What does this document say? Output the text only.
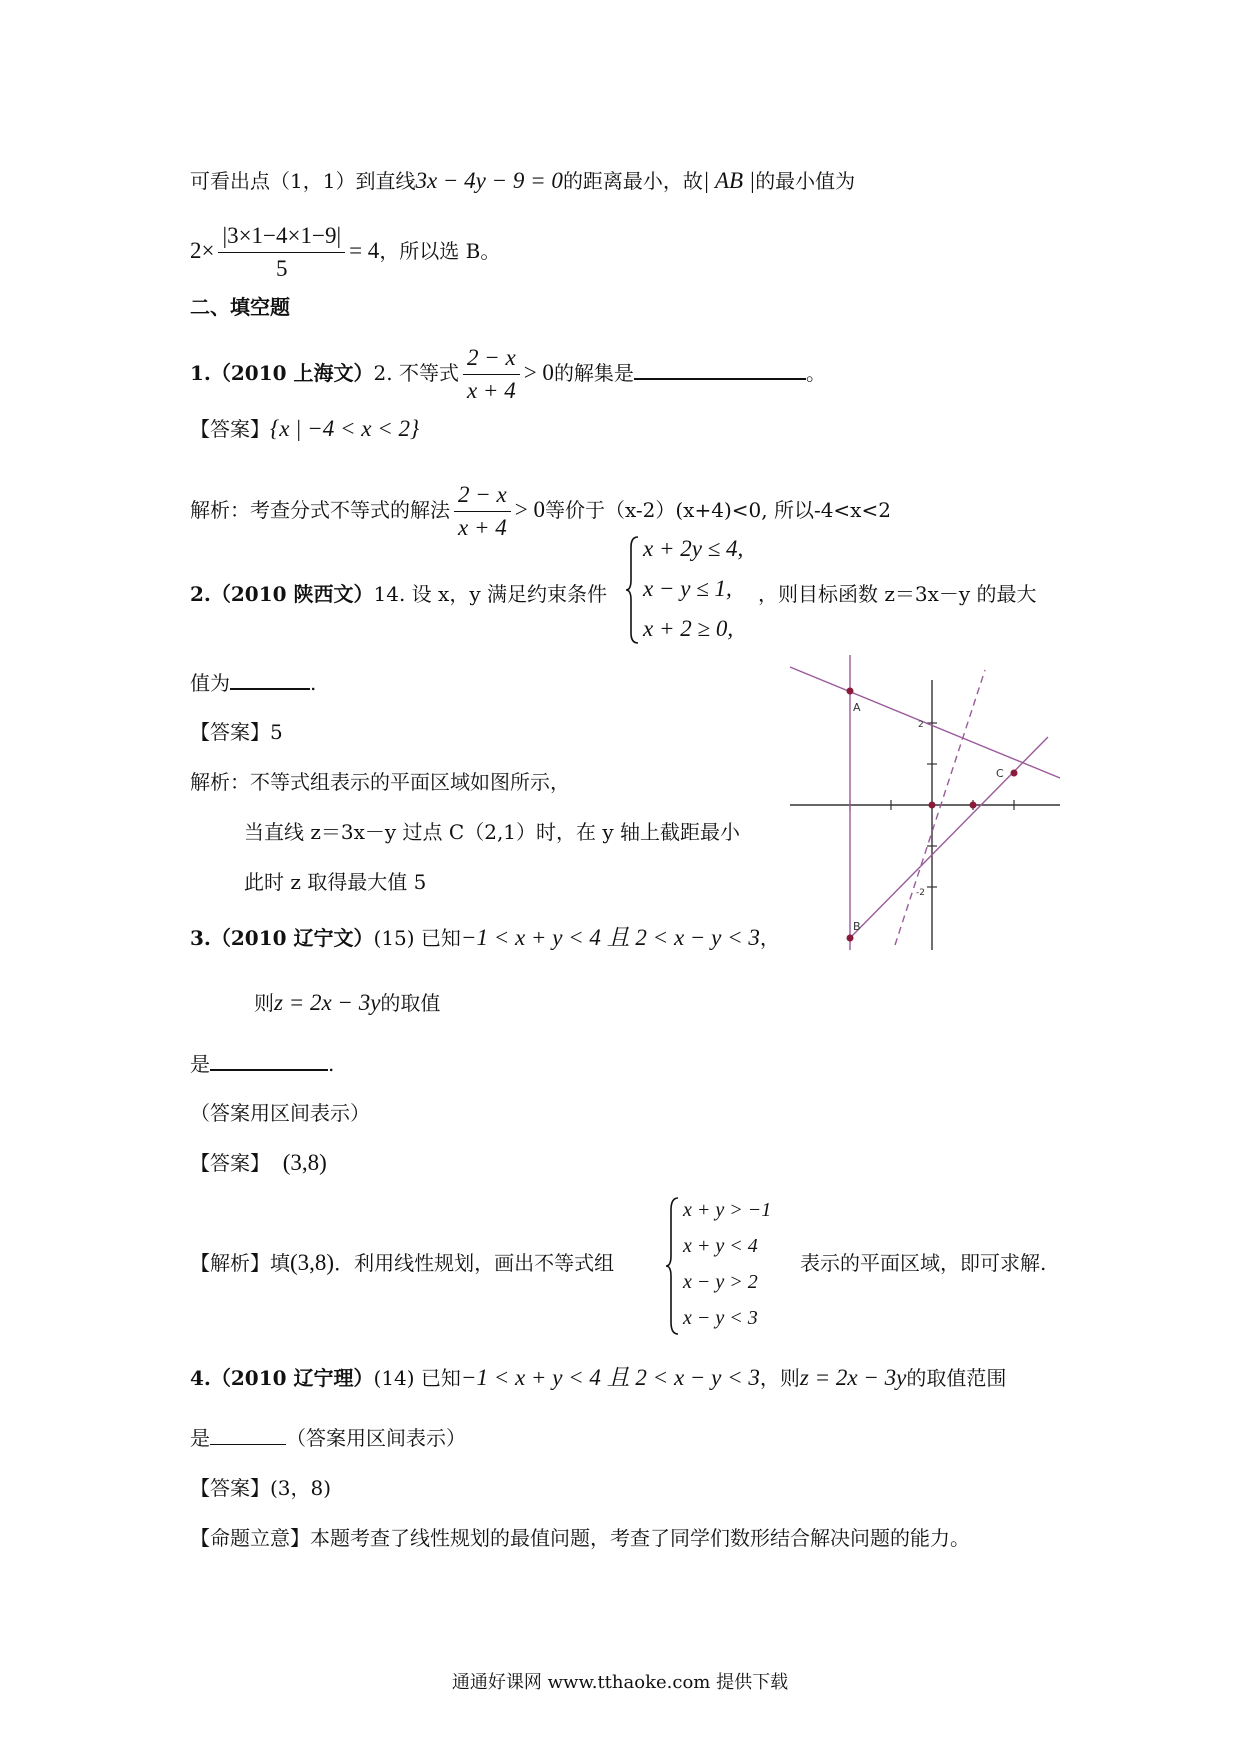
可看出点（1，1）到直线3x − 4y − 9 = 0的距离最小，故| AB |的最小值为
$2\times \frac{|3\times 1-4\times 1-9|}{5} = 4$，所以选 B。
二、填空题
1.（2010 上海文）2. 不等式 $\frac{2 - x}{x + 4} > 0$的解集是	。
【答案】{x | −4 < x < 2}
解析：考查分式不等式的解法 $\frac{2 - x}{x + 4} > 0$等价于（x-2）(x+4)<0, 所以-4<x<2
2.（2010 陕西文）14. 设 x，y 满足约束条件
x + 2y ≤ 4,
x − y ≤ 1,
x + 2 ≥ 0,
，则目标函数 z＝3x－y 的最大
值为	.
【答案】5
解析：不等式组表示的平面区域如图所示，
当直线 z＝3x－y 过点 C（2,1）时，在 y 轴上截距最小
此时 z 取得最大值 5
A
B
C
2
-2
3.（2010 辽宁文）(15) 已知−1 < x + y < 4 且 2 < x − y < 3，
则z = 2x − 3y的取值
是	.
（答案用区间表示）
【答案】 (3,8)
【解析】填(3,8)．利用线性规划，画出不等式组
x + y > −1
x + y < 4
x − y > 2
x − y < 3
表示的平面区域，即可求解.
4.（2010 辽宁理）(14) 已知−1 < x + y < 4 且 2 < x − y < 3，则z = 2x − 3y的取值范围
是	（答案用区间表示）
【答案】(3，8)
【命题立意】本题考查了线性规划的最值问题，考查了同学们数形结合解决问题的能力。
通通好课网 www.tthaoke.com 提供下载
